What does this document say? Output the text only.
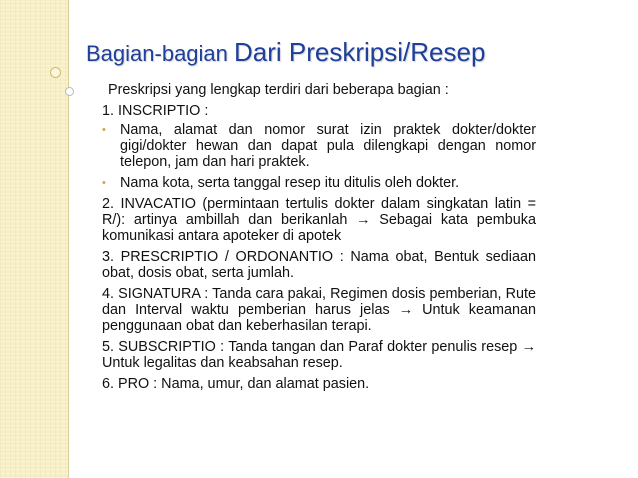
Bagian-bagian Dari Preskripsi/Resep

Preskripsi yang lengkap terdiri dari beberapa bagian :

1. INSCRIPTIO :

• Nama, alamat dan nomor surat izin praktek dokter/dokter gigi/dokter hewan dan dapat pula dilengkapi dengan nomor telepon, jam dan hari praktek.

• Nama kota, serta tanggal resep itu ditulis oleh dokter.

2. INVACATIO (permintaan tertulis dokter dalam singkatan latin = R/): artinya ambillah dan berikanlah → Sebagai kata pembuka komunikasi antara apoteker di apotek

3. PRESCRIPTIO / ORDONANTIO : Nama obat, Bentuk sediaan obat, dosis obat, serta jumlah.

4. SIGNATURA : Tanda cara pakai, Regimen dosis pemberian, Rute dan Interval waktu pemberian harus jelas → Untuk keamanan penggunaan obat dan keberhasilan terapi.

5. SUBSCRIPTIO : Tanda tangan dan Paraf dokter penulis resep → Untuk legalitas dan keabsahan resep.

6. PRO : Nama, umur, dan alamat pasien.
